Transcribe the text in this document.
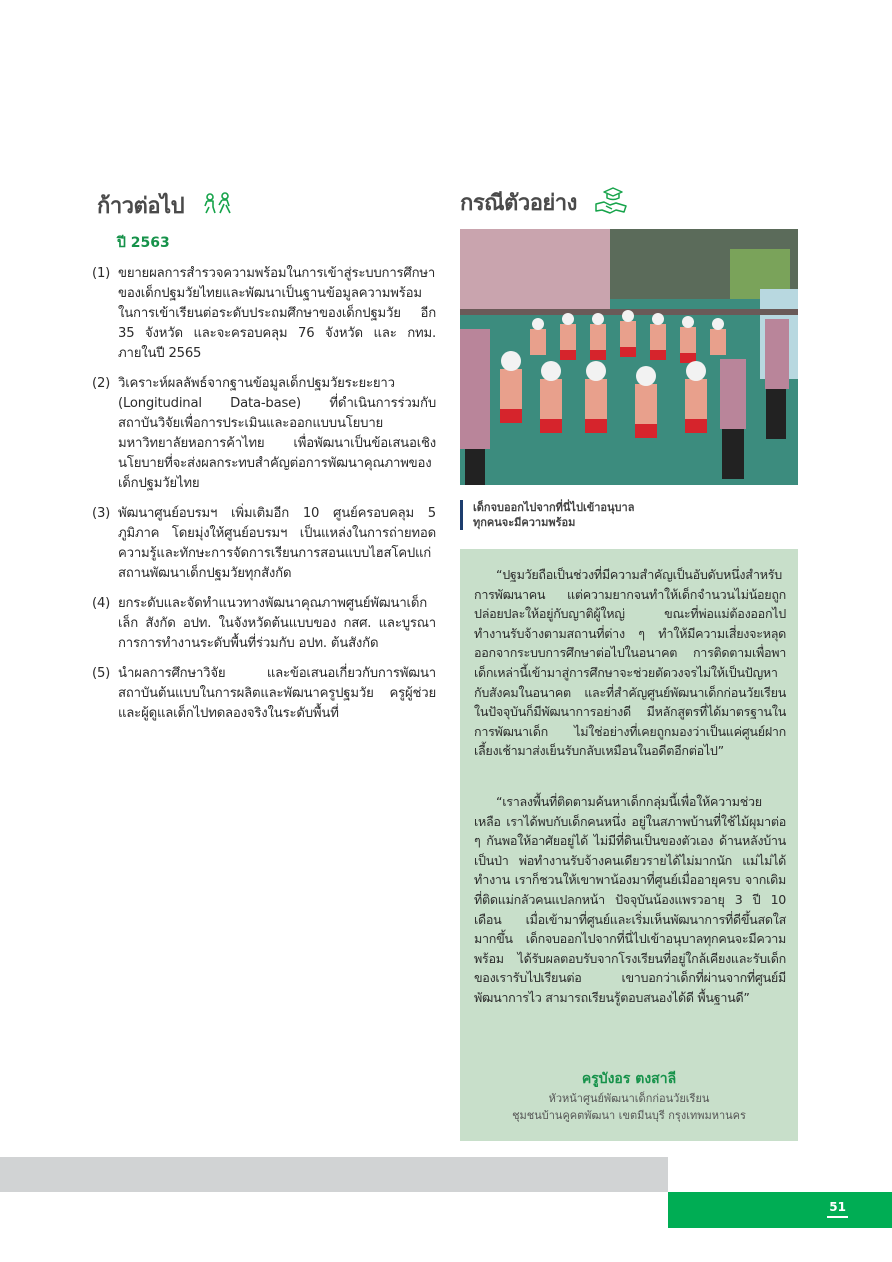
ก้าวต่อไป
ปี 2563
(1) ขยายผลการสำรวจความพร้อมในการเข้าสู่ระบบการศึกษาของเด็กปฐมวัยไทยและพัฒนาเป็นฐานข้อมูลความพร้อมในการเข้าเรียนต่อระดับประถมศึกษาของเด็กปฐมวัย อีก 35 จังหวัด และจะครอบคลุม 76 จังหวัด และ กทม. ภายในปี 2565
(2) วิเคราะห์ผลลัพธ์จากฐานข้อมูลเด็กปฐมวัยระยะยาว (Longitudinal Data-base) ที่ดำเนินการร่วมกับสถาบันวิจัยเพื่อการประเมินและออกแบบนโยบาย มหาวิทยาลัยหอการค้าไทย เพื่อพัฒนาเป็นข้อเสนอเชิงนโยบายที่จะส่งผลกระทบสำคัญต่อการพัฒนาคุณภาพของเด็กปฐมวัยไทย
(3) พัฒนาศูนย์อบรมฯ เพิ่มเติมอีก 10 ศูนย์ครอบคลุม 5 ภูมิภาค โดยมุ่งให้ศูนย์อบรมฯ เป็นแหล่งในการถ่ายทอดความรู้และทักษะการจัดการเรียนการสอนแบบไฮสโคปแก่สถานพัฒนาเด็กปฐมวัยทุกสังกัด
(4) ยกระดับและจัดทำแนวทางพัฒนาคุณภาพศูนย์พัฒนาเด็กเล็ก สังกัด อปท. ในจังหวัดต้นแบบของ กสศ. และบูรณาการการทำงานระดับพื้นที่ร่วมกับ อปท. ต้นสังกัด
(5) นำผลการศึกษาวิจัย และข้อเสนอเกี่ยวกับการพัฒนาสถาบันต้นแบบในการผลิตและพัฒนาครูปฐมวัย ครูผู้ช่วย และผู้ดูแลเด็กไปทดลองจริงในระดับพื้นที่
กรณีตัวอย่าง
เด็กจบออกไปจากที่นี่ไปเข้าอนุบาล
ทุกคนจะมีความพร้อม
“ปฐมวัยถือเป็นช่วงที่มีความสำคัญเป็นอับดับหนึ่งสำหรับการพัฒนาคน แต่ความยากจนทำให้เด็กจำนวนไม่น้อยถูกปล่อยปละให้อยู่กับญาติผู้ใหญ่ ขณะที่พ่อแม่ต้องออกไปทำงานรับจ้างตามสถานที่ต่าง ๆ ทำให้มีความเสี่ยงจะหลุดออกจากระบบการศึกษาต่อไปในอนาคต การติดตามเพื่อพาเด็กเหล่านี้เข้ามาสู่การศึกษาจะช่วยตัดวงจรไม่ให้เป็นปัญหากับสังคมในอนาคต และที่สำคัญศูนย์พัฒนาเด็กก่อนวัยเรียนในปัจจุบันก็มีพัฒนาการอย่างดี มีหลักสูตรที่ได้มาตรฐานในการพัฒนาเด็ก ไม่ใช่อย่างที่เคยถูกมองว่าเป็นแค่ศูนย์ฝากเลี้ยงเช้ามาส่งเย็นรับกลับเหมือนในอดีตอีกต่อไป”
“เราลงพื้นที่ติดตามค้นหาเด็กกลุ่มนี้เพื่อให้ความช่วยเหลือ เราได้พบกับเด็กคนหนึ่ง อยู่ในสภาพบ้านที่ใช้ไม้ผุมาต่อ ๆ กันพอให้อาศัยอยู่ได้ ไม่มีที่ดินเป็นของตัวเอง ด้านหลังบ้านเป็นป่า พ่อทำงานรับจ้างคนเดียวรายได้ไม่มากนัก แม่ไม่ได้ทำงาน เราก็ชวนให้เขาพาน้องมาที่ศูนย์เมื่ออายุครบ จากเดิมที่ติดแม่กลัวคนแปลกหน้า ปัจจุบันน้องแพรวอายุ 3 ปี 10 เดือน เมื่อเข้ามาที่ศูนย์และเริ่มเห็นพัฒนาการที่ดีขึ้นสดใสมากขึ้น เด็กจบออกไปจากที่นี่ไปเข้าอนุบาลทุกคนจะมีความพร้อม ได้รับผลตอบรับจากโรงเรียนที่อยู่ใกล้เคียงและรับเด็กของเรารับไปเรียนต่อ เขาบอกว่าเด็กที่ผ่านจากที่ศูนย์มีพัฒนาการไว สามารถเรียนรู้ตอบสนองได้ดี พื้นฐานดี”
ครูบังอร ตงสาลี
หัวหน้าศูนย์พัฒนาเด็กก่อนวัยเรียน
ชุมชนบ้านคูคตพัฒนา เขตมีนบุรี กรุงเทพมหานคร
51
